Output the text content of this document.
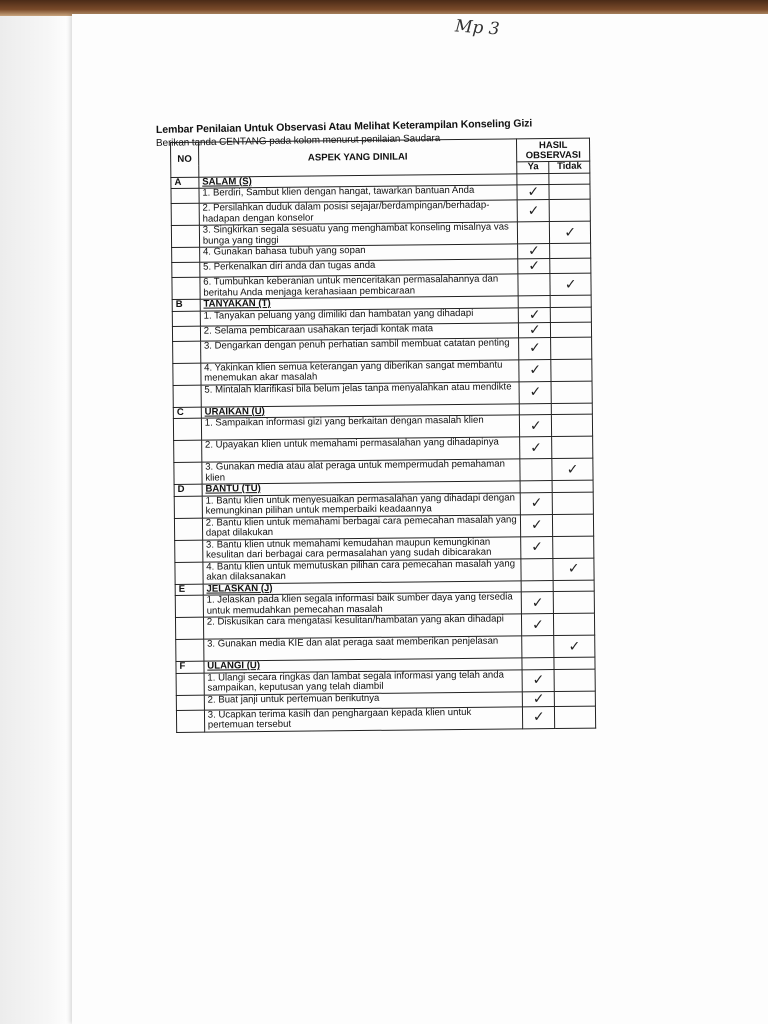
Mp 3
Lembar Penilaian Untuk Observasi Atau Melihat Keterampilan Konseling Gizi
Berikan tanda CENTANG pada kolom menurut penilaian Saudara
NO	ASPEK YANG DINILAI	HASIL OBSERVASI	
		Ya	Tidak
A	SALAM (S)		
	1. Berdiri, Sambut klien dengan hangat, tawarkan bantuan Anda	✓	
	2. Persilahkan duduk dalam posisi sejajar/berdampingan/berhadap-hadapan dengan konselor	✓	
	3. Singkirkan segala sesuatu yang menghambat konseling misalnya vas bunga yang tinggi		✓
	4. Gunakan bahasa tubuh yang sopan	✓	
	5. Perkenalkan diri anda dan tugas anda	✓	
	6. Tumbuhkan keberanian untuk menceritakan permasalahannya dan beritahu Anda menjaga kerahasiaan pembicaraan		✓
B	TANYAKAN (T)		
	1. Tanyakan peluang yang dimiliki dan hambatan yang dihadapi	✓	
	2. Selama pembicaraan usahakan terjadi kontak mata	✓	
	3. Dengarkan dengan penuh perhatian sambil membuat catatan penting	✓	
	4. Yakinkan klien semua keterangan yang diberikan sangat membantu menemukan akar masalah	✓	
	5. Mintalah klarifikasi bila belum jelas tanpa menyalahkan atau mendikte	✓	
C	URAIKAN (U)		
	1. Sampaikan informasi gizi yang berkaitan dengan masalah klien	✓	
	2. Upayakan klien untuk memahami permasalahan yang dihadapinya	✓	
	3. Gunakan media atau alat peraga untuk mempermudah pemahaman klien		✓
D	BANTU (TU)		
	1. Bantu klien untuk menyesuaikan permasalahan yang dihadapi dengan kemungkinan pilihan untuk memperbaiki keadaannya	✓	
	2. Bantu klien untuk memahami berbagai cara pemecahan masalah yang dapat dilakukan	✓	
	3. Bantu klien utnuk memahami kemudahan maupun kemungkinan kesulitan dari berbagai cara permasalahan yang sudah dibicarakan	✓	
	4. Bantu klien untuk memutuskan pilihan cara pemecahan masalah yang akan dilaksanakan		✓
E	JELASKAN (J)		
	1. Jelaskan pada klien segala informasi baik sumber daya yang tersedia untuk memudahkan pemecahan masalah	✓	
	2. Diskusikan cara mengatasi kesulitan/hambatan yang akan dihadapi	✓	
	3. Gunakan media KIE dan alat peraga saat memberikan penjelasan		✓
F	ULANGI (U)		
	1. Ulangi secara ringkas dan lambat segala informasi yang telah anda sampaikan, keputusan yang telah diambil	✓	
	2. Buat janji untuk pertemuan berikutnya	✓	
	3. Ucapkan terima kasih dan penghargaan kepada klien untuk pertemuan tersebut	✓	
